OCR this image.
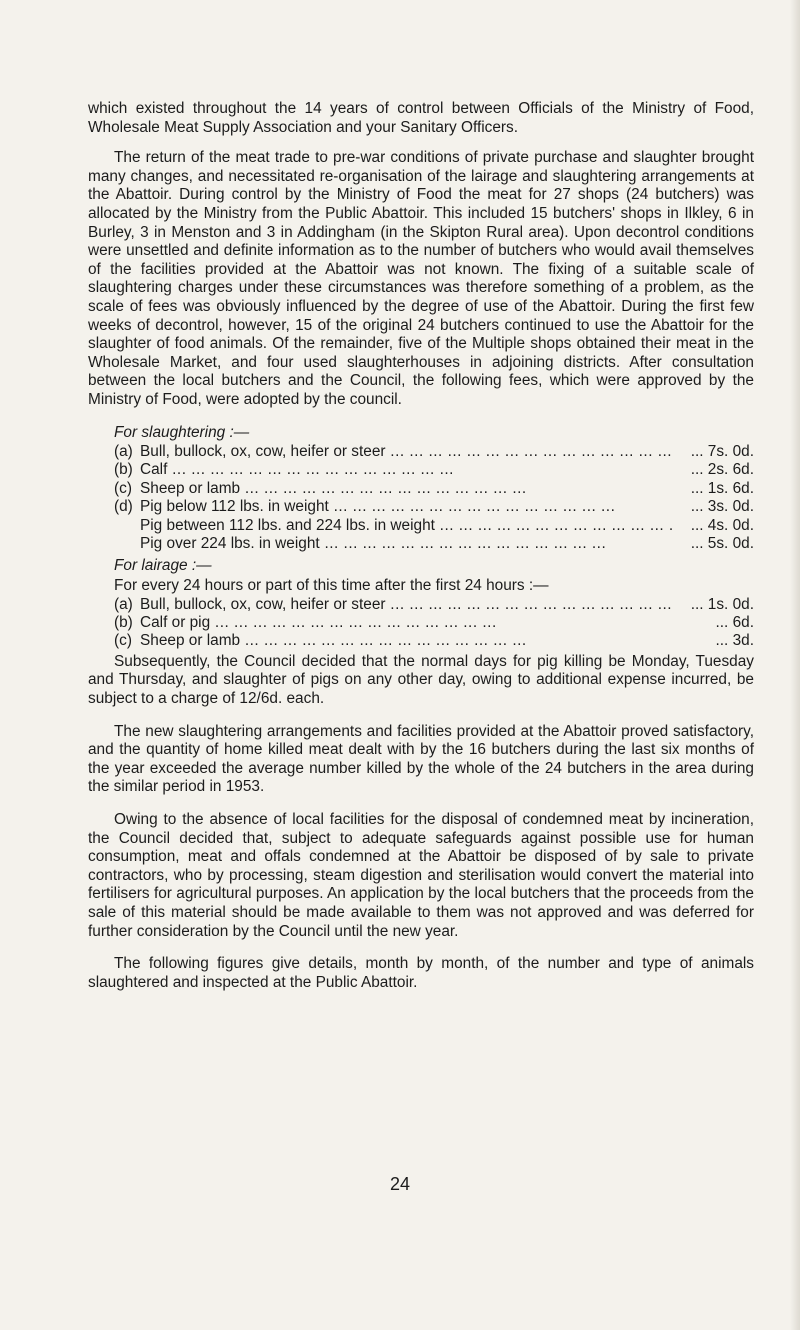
which existed throughout the 14 years of control between Officials of the Ministry of Food, Wholesale Meat Supply Association and your Sanitary Officers.

The return of the meat trade to pre-war conditions of private purchase and slaughter brought many changes, and necessitated re-organisation of the lairage and slaughtering arrangements at the Abattoir. During control by the Ministry of Food the meat for 27 shops (24 butchers) was allocated by the Ministry from the Public Abattoir. This included 15 butchers' shops in Ilkley, 6 in Burley, 3 in Menston and 3 in Addingham (in the Skipton Rural area). Upon decontrol conditions were unsettled and definite information as to the number of butchers who would avail themselves of the facilities provided at the Abattoir was not known. The fixing of a suitable scale of slaughtering charges under these circumstances was therefore something of a problem, as the scale of fees was obviously influenced by the degree of use of the Abattoir. During the first few weeks of decontrol, however, 15 of the original 24 butchers continued to use the Abattoir for the slaughter of food animals. Of the remainder, five of the Multiple shops obtained their meat in the Wholesale Market, and four used slaughterhouses in adjoining districts. After consultation between the local butchers and the Council, the following fees, which were approved by the Ministry of Food, were adopted by the council.

For slaughtering :—
(a) Bull, bullock, ox, cow, heifer or steer ... .	... 7s. 0d.
(b) Calf ... .	... 2s. 6d.
(c) Sheep or lamb ... .	... 1s. 6d.
(d) Pig below 112 lbs. in weight ... .	... 3s. 0d.
Pig between 112 lbs. and 224 lbs. in weight ... .	... 4s. 0d.
Pig over 224 lbs. in weight ... .	... 5s. 0d.
For lairage :—
For every 24 hours or part of this time after the first 24 hours :—
(a) Bull, bullock, ox, cow, heifer or steer ... .	... 1s. 0d.
(b) Calf or pig ... .	... 6d.
(c) Sheep or lamb ... .	... 3d.

Subsequently, the Council decided that the normal days for pig killing be Monday, Tuesday and Thursday, and slaughter of pigs on any other day, owing to additional expense incurred, be subject to a charge of 12/6d. each.

The new slaughtering arrangements and facilities provided at the Abattoir proved satisfactory, and the quantity of home killed meat dealt with by the 16 butchers during the last six months of the year exceeded the average number killed by the whole of the 24 butchers in the area during the similar period in 1953.

Owing to the absence of local facilities for the disposal of condemned meat by incineration, the Council decided that, subject to adequate safeguards against possible use for human consumption, meat and offals condemned at the Abattoir be disposed of by sale to private contractors, who by processing, steam digestion and sterilisation would convert the material into fertilisers for agricultural purposes. An application by the local butchers that the proceeds from the sale of this material should be made available to them was not approved and was deferred for further consideration by the Council until the new year.

The following figures give details, month by month, of the number and type of animals slaughtered and inspected at the Public Abattoir.

24
